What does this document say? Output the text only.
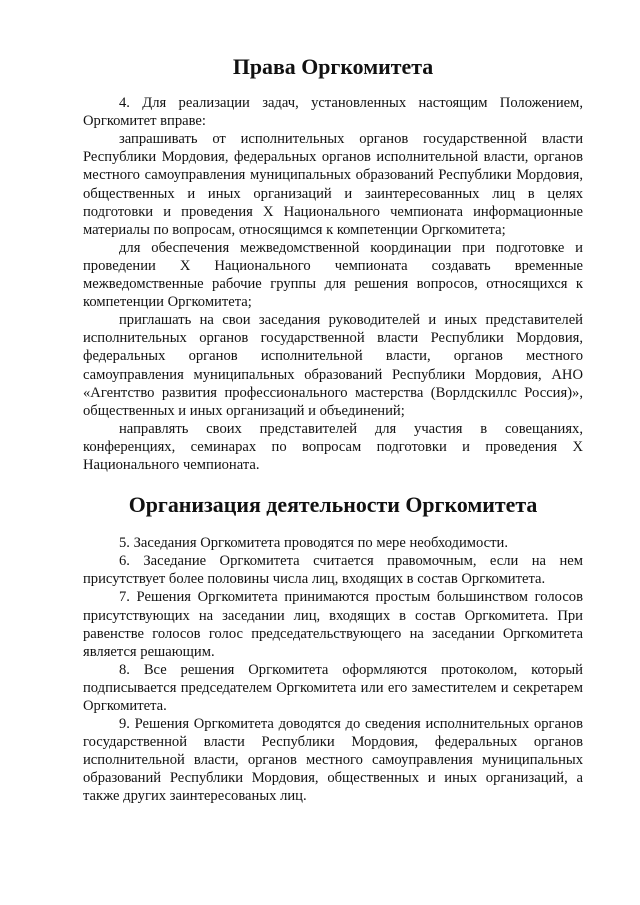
Права Оргкомитета

4. Для реализации задач, установленных настоящим Положением, Оргкомитет вправе:

запрашивать от исполнительных органов государственной власти Республики Мордовия, федеральных органов исполнительной власти, органов местного самоуправления муниципальных образований Республики Мордовия, общественных и иных организаций и заинтересованных лиц в целях подготовки и проведения X Национального чемпионата информационные материалы по вопросам, относящимся к компетенции Оргкомитета;

для обеспечения межведомственной координации при подготовке и проведении X Национального чемпионата создавать временные межведомственные рабочие группы для решения вопросов, относящихся к компетенции Оргкомитета;

приглашать на свои заседания руководителей и иных представителей исполнительных органов государственной власти Республики Мордовия, федеральных органов исполнительной власти, органов местного самоуправления муниципальных образований Республики Мордовия, АНО «Агентство развития профессионального мастерства (Ворлдскиллс Россия)», общественных и иных организаций и объединений;

направлять своих представителей для участия в совещаниях, конференциях, семинарах по вопросам подготовки и проведения X Национального чемпионата.

Организация деятельности Оргкомитета

5. Заседания Оргкомитета проводятся по мере необходимости.

6. Заседание Оргкомитета считается правомочным, если на нем присутствует более половины числа лиц, входящих в состав Оргкомитета.

7. Решения Оргкомитета принимаются простым большинством голосов присутствующих на заседании лиц, входящих в состав Оргкомитета. При равенстве голосов голос председательствующего на заседании Оргкомитета является решающим.

8. Все решения Оргкомитета оформляются протоколом, который подписывается председателем Оргкомитета или его заместителем и секретарем Оргкомитета.

9. Решения Оргкомитета доводятся до сведения исполнительных органов государственной власти Республики Мордовия, федеральных органов исполнительной власти, органов местного самоуправления муниципальных образований Республики Мордовия, общественных и иных организаций, а также других заинтересованых лиц.
